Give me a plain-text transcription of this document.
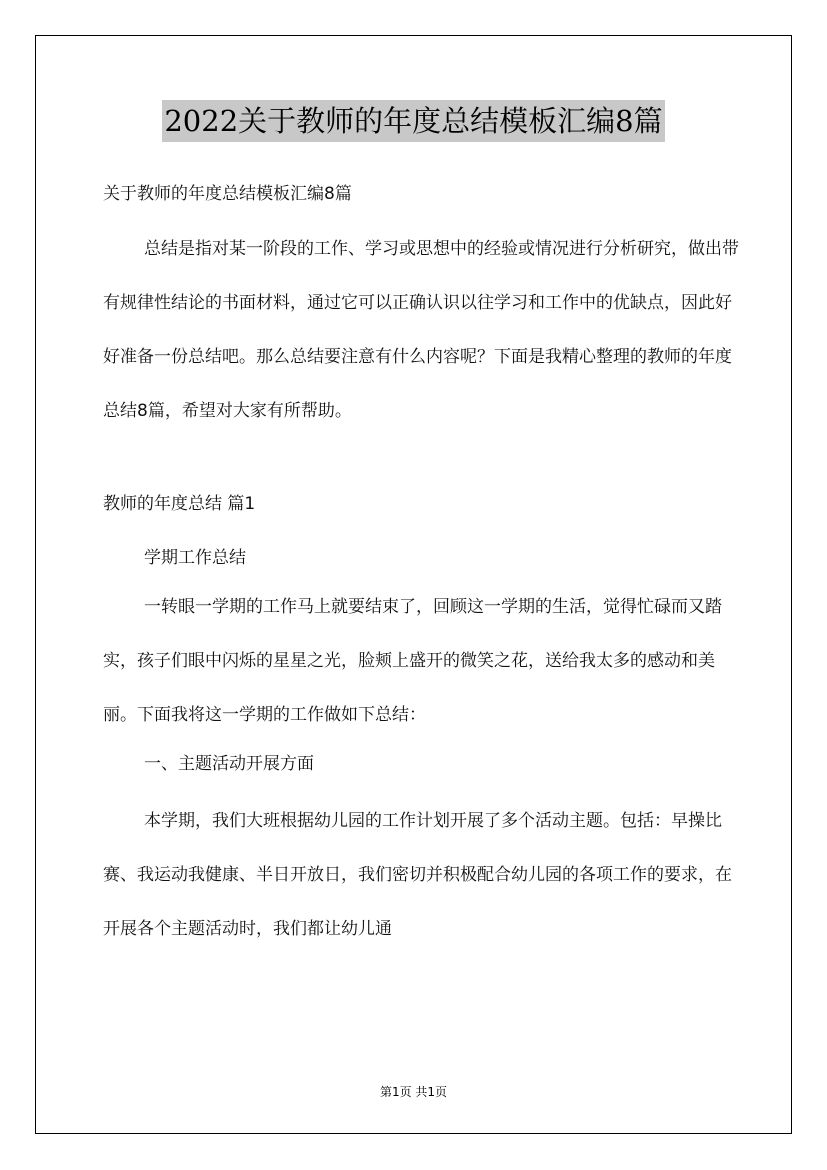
2022关于教师的年度总结模板汇编8篇
关于教师的年度总结模板汇编8篇

总结是指对某一阶段的工作、学习或思想中的经验或情况进行分析研究，做出带有规律性结论的书面材料，通过它可以正确认识以往学习和工作中的优缺点，因此好好准备一份总结吧。那么总结要注意有什么内容呢？下面是我精心整理的教师的年度总结8篇，希望对大家有所帮助。

教师的年度总结 篇1
学期工作总结

一转眼一学期的工作马上就要结束了，回顾这一学期的生活，觉得忙碌而又踏实，孩子们眼中闪烁的星星之光，脸颊上盛开的微笑之花，送给我太多的感动和美丽。下面我将这一学期的工作做如下总结：

一、主题活动开展方面

本学期，我们大班根据幼儿园的工作计划开展了多个活动主题。包括：早操比赛、我运动我健康、半日开放日，我们密切并积极配合幼儿园的各项工作的要求，在开展各个主题活动时，我们都让幼儿通

第1页 共1页
